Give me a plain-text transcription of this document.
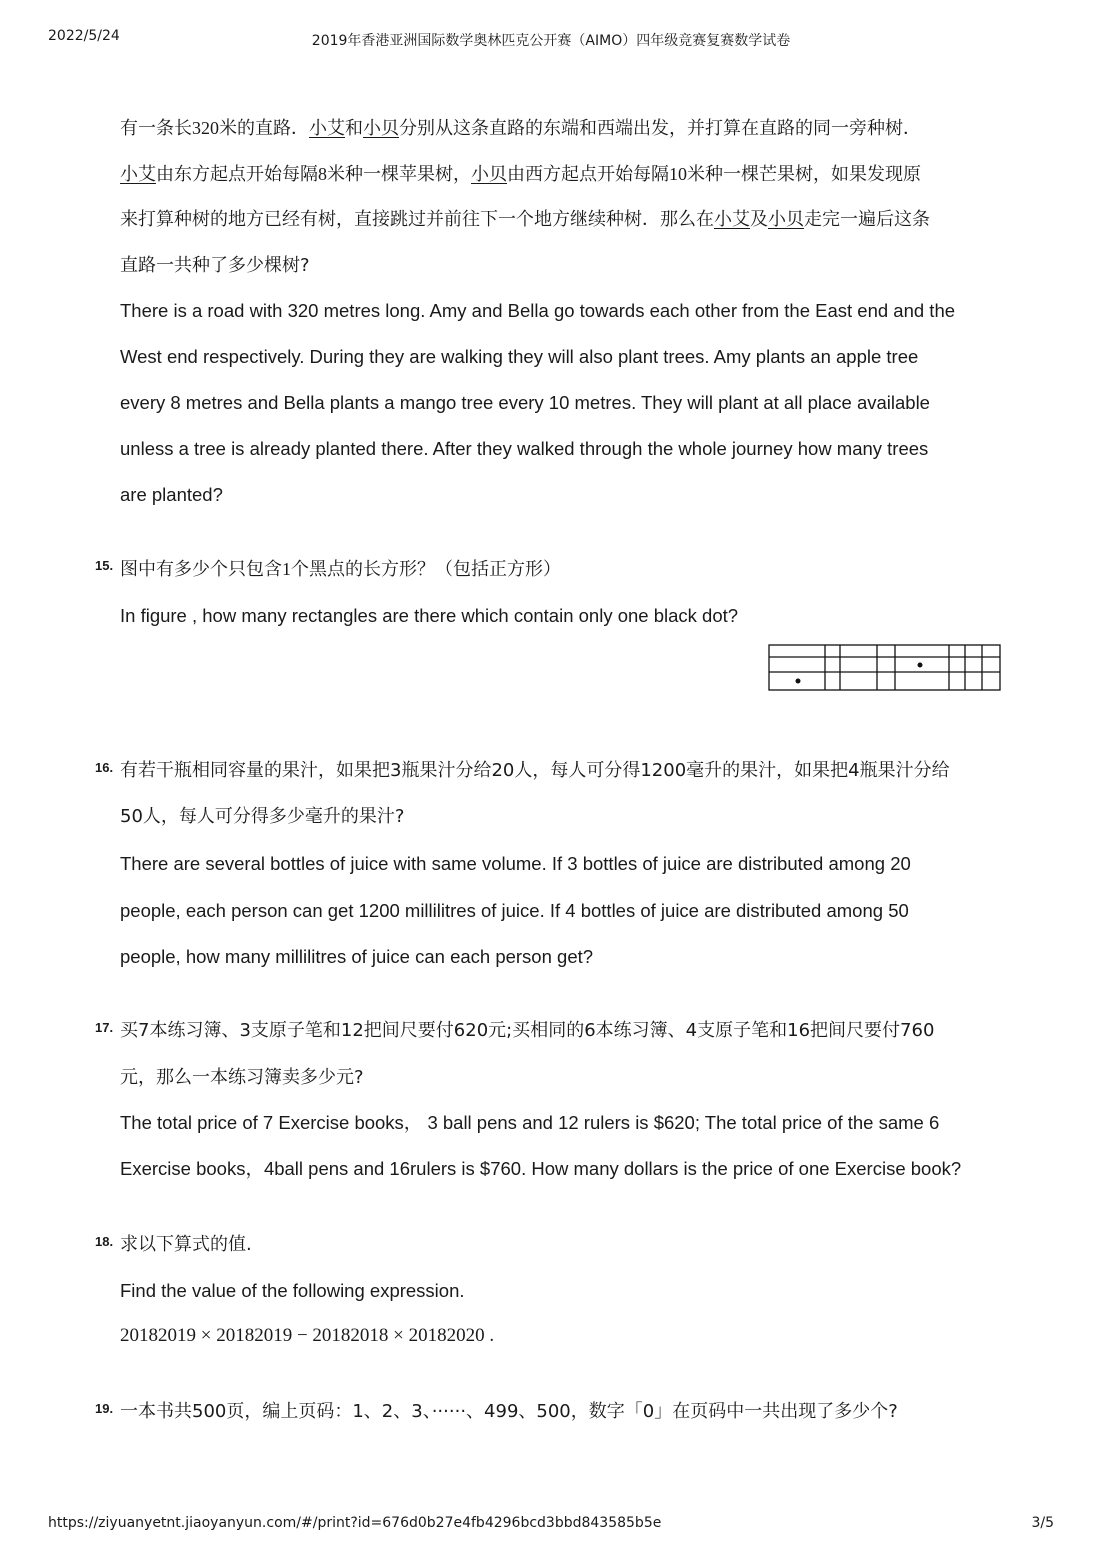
2022/5/24	2019年香港亚洲国际数学奥林匹克公开赛（AIMO）四年级竞赛复赛数学试卷
有一条长320米的直路．小艾和小贝分别从这条直路的东端和西端出发，并打算在直路的同一旁种树．
小艾由东方起点开始每隔8米种一棵苹果树，小贝由西方起点开始每隔10米种一棵芒果树，如果发现原
来打算种树的地方已经有树，直接跳过并前往下一个地方继续种树．那么在小艾及小贝走完一遍后这条
直路一共种了多少棵树?
There is a road with 320 metres long. Amy and Bella go towards each other from the East end and the
West end respectively. During they are walking they will also plant trees. Amy plants an apple tree
every 8 metres and Bella plants a mango tree every 10 metres. They will plant at all place available
unless a tree is already planted there. After they walked through the whole journey how many trees
are planted?
15. 图中有多少个只包含1个黑点的长方形？（包括正方形）
In figure , how many rectangles are there which contain only one black dot?
16. 有若干瓶相同容量的果汁，如果把3瓶果汁分给20人，每人可分得1200毫升的果汁，如果把4瓶果汁分给
50人，每人可分得多少毫升的果汁?
There are several bottles of juice with same volume. If 3 bottles of juice are distributed among 20
people, each person can get 1200 millilitres of juice. If 4 bottles of juice are distributed among 50
people, how many millilitres of juice can each person get?
17. 买7本练习簿、3支原子笔和12把间尺要付620元;买相同的6本练习簿、4支原子笔和16把间尺要付760
元，那么一本练习簿卖多少元?
The total price of 7 Exercise books， 3 ball pens and 12 rulers is $620; The total price of the same 6
Exercise books，4ball pens and 16rulers is $760. How many dollars is the price of one Exercise book?
18. 求以下算式的值.
Find the value of the following expression.
20182019 × 20182019 − 20182018 × 20182020 .
19. 一本书共500页，编上页码：1、2、3、······、499、500，数字「0」在页码中一共出现了多少个?
https://ziyuanyetnt.jiaoyanyun.com/#/print?id=676d0b27e4fb4296bcd3bbd843585b5e	3/5
